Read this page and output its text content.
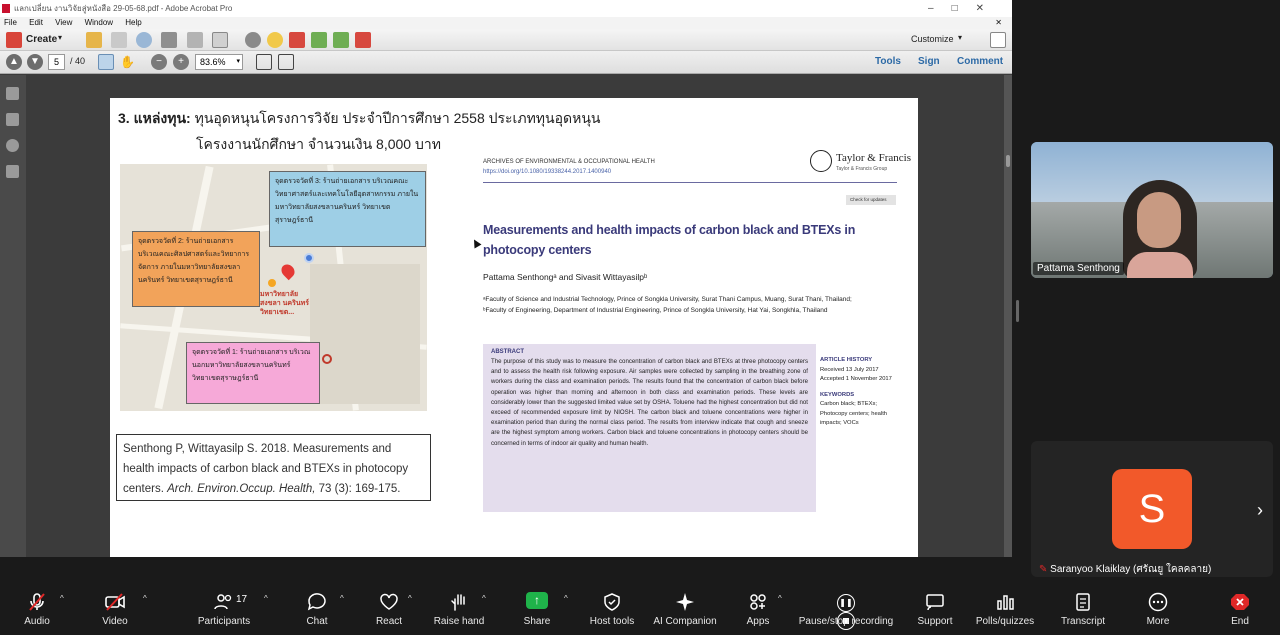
แลกเปลี่ยน งานวิจัยสู่หนังสือ 29-05-68.pdf - Adobe Acrobat Pro	–□✕
File Edit View Window Help	✕
Create ▾	Customize ▾
▲	▼	5	/ 40	✋	−	+	83.6% ▾	Tools Sign Comment
3. แหล่งทุน: ทุนอุดหนุนโครงการวิจัย ประจำปีการศึกษา 2558 ประเภททุนอุดหนุน
โครงงานนักศึกษา จำนวนเงิน 8,000 บาท
จุดตรวจวัดที่ 3: ร้านถ่ายเอกสาร บริเวณคณะวิทยาศาสตร์และเทคโนโลยีอุตสาหกรรม ภายในมหาวิทยาลัยสงขลานครินทร์ วิทยาเขตสุราษฎร์ธานี
จุดตรวจวัดที่ 2: ร้านถ่ายเอกสาร บริเวณคณะศิลปศาสตร์และวิทยาการจัดการ ภายในมหาวิทยาลัยสงขลานครินทร์ วิทยาเขตสุราษฎร์ธานี
จุดตรวจวัดที่ 1: ร้านถ่ายเอกสาร บริเวณนอกมหาวิทยาลัยสงขลานครินทร์ วิทยาเขตสุราษฎร์ธานี
มหาวิทยาลัย สงขลา นครินทร์ วิทยาเขต...
Senthong P, Wittayasilp S. 2018. Measurements and health impacts of carbon black and BTEXs in photocopy centers. Arch. Environ.Occup. Health, 73 (3): 169-175.
ARCHIVES OF ENVIRONMENTAL & OCCUPATIONAL HEALTH
https://doi.org/10.1080/19338244.2017.1400940
Taylor & Francis
Taylor & Francis Group
Check for updates
Measurements and health impacts of carbon black and BTEXs in photocopy centers
Pattama Senthongᵃ and Sivasit Wittayasilpᵇ
ᵃFaculty of Science and Industrial Technology, Prince of Songkla University, Surat Thani Campus, Muang, Surat Thani, Thailand; ᵇFaculty of Engineering, Department of Industrial Engineering, Prince of Songkla University, Hat Yai, Songkhla, Thailand
ABSTRACT
The purpose of this study was to measure the concentration of carbon black and BTEXs at three photocopy centers and to assess the health risk following exposure. Air samples were collected by sampling in the breathing zone of workers during the class and examination periods. The results found that the concentration of carbon black before operation was higher than morning and afternoon in both class and examination periods. These levels are considerably lower than the suggested limited value set by OSHA. Toluene had the highest concentration but did not exceed of recommended exposure limit by NIOSH. The carbon black and toluene concentrations were higher in examination period than during the normal class period. The results from interview indicate that cough and sneeze are the highest symptom among workers. Carbon black and toluene concentrations in photocopy centers should be concerned in terms of indoor air quality and human health.
ARTICLE HISTORY
Received 13 July 2017
Accepted 1 November 2017
KEYWORDS
Carbon black; BTEXs; Photocopy centers; health impacts; VOCs

Pattama Senthong
S
✎ Saranyoo Klaiklay (ศรัณยู ใคลคลาย)
›
Audio
^
Video
^	17
Participants
^
Chat
^
React
^
Raise hand
^	↑
Share
^
Host tools AI Companion	Apps
^	❚❚
Pause/stop recording Support Polls/quizzes	Transcript	More	End
